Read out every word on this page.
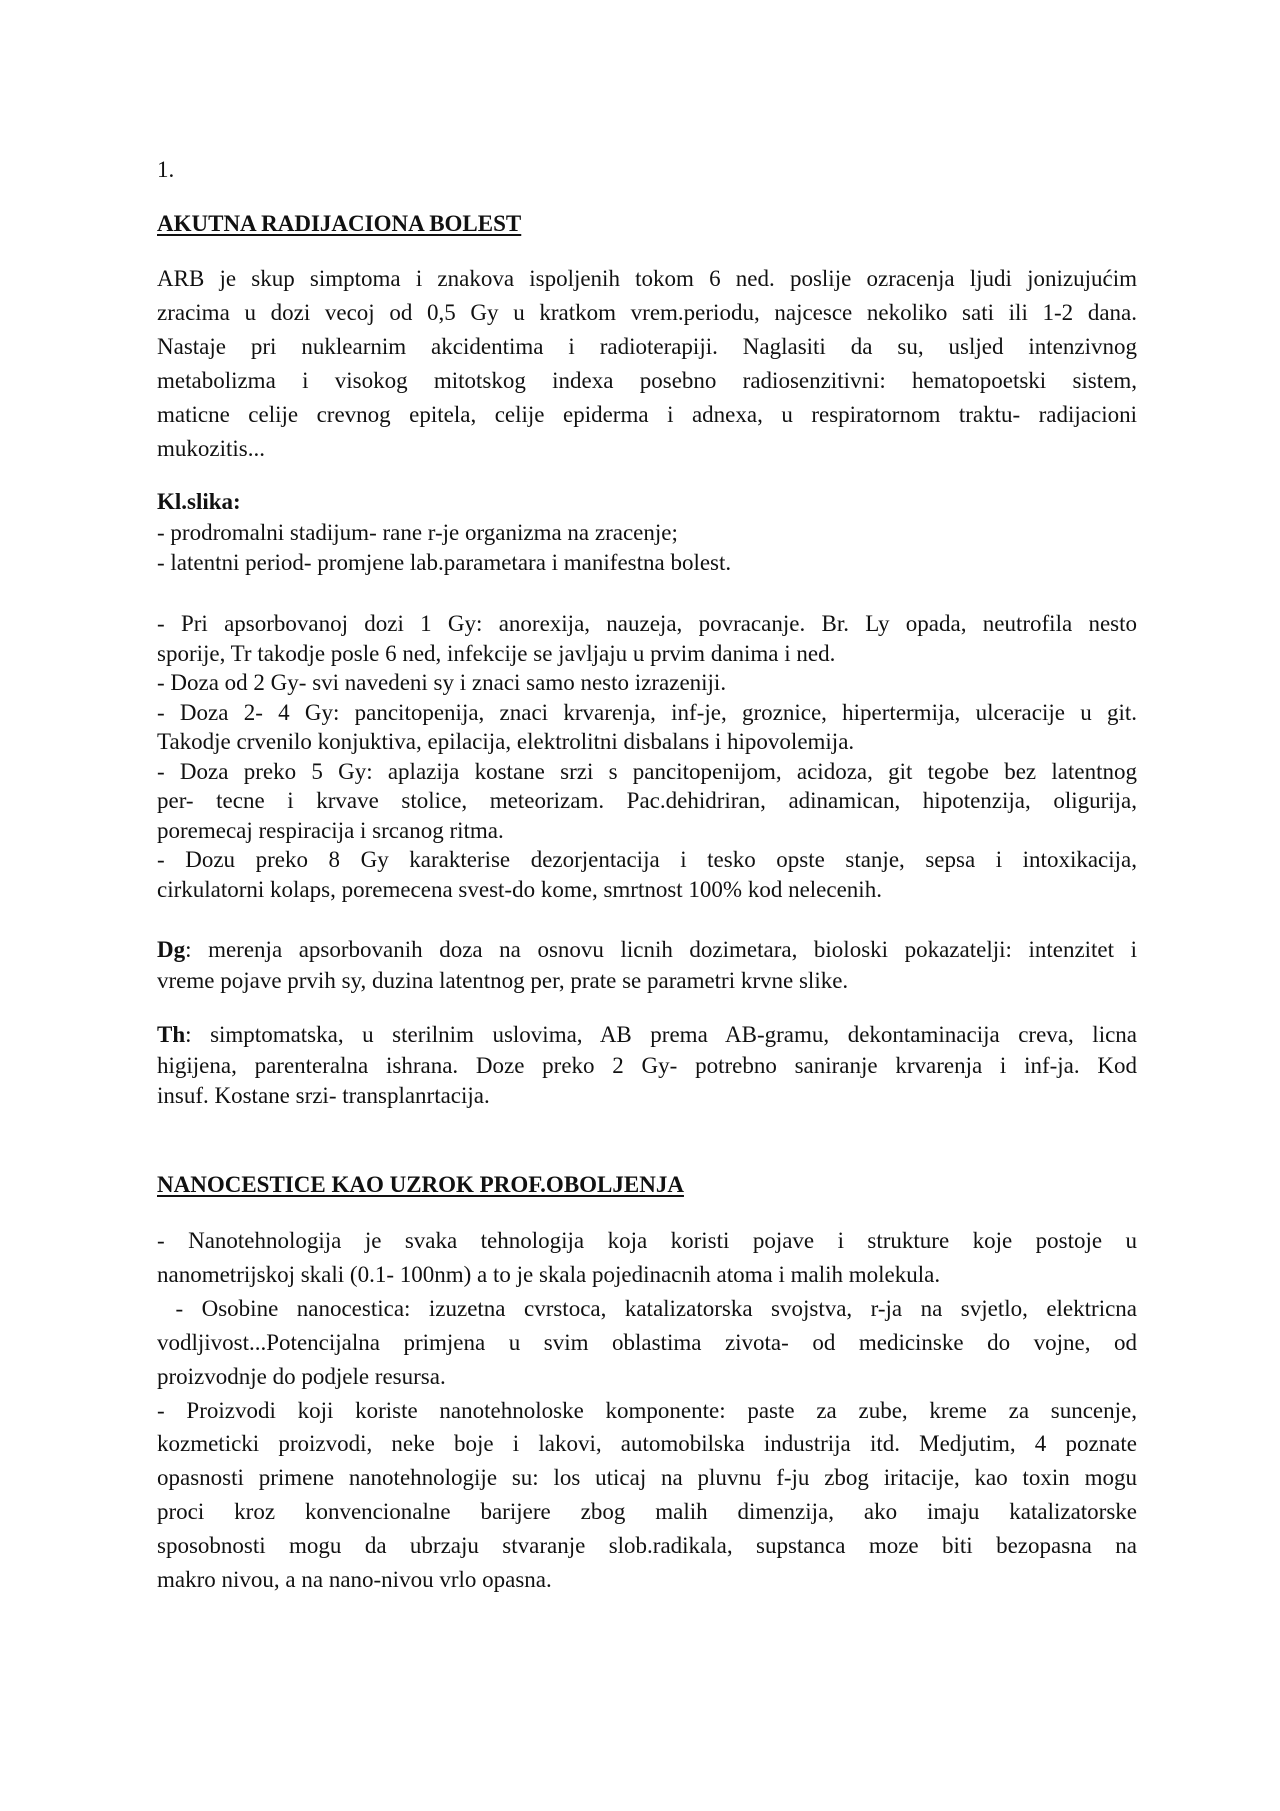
1.
AKUTNA RADIJACIONA BOLEST
ARB je skup simptoma i znakova ispoljenih tokom 6 ned. poslije ozracenja ljudi jonizujućim
zracima u dozi vecoj od 0,5 Gy u kratkom vrem.periodu, najcesce nekoliko sati ili 1-2 dana.
Nastaje pri nuklearnim akcidentima i radioterapiji. Naglasiti da su, usljed intenzivnog
metabolizma i visokog mitotskog indexa posebno radiosenzitivni: hematopoetski sistem,
maticne celije crevnog epitela, celije epiderma i adnexa, u respiratornom traktu- radijacioni
mukozitis...
Kl.slika:
- prodromalni stadijum- rane r-je organizma na zracenje;
- latentni period- promjene lab.parametara i manifestna bolest.
- Pri apsorbovanoj dozi 1 Gy: anorexija, nauzeja, povracanje. Br. Ly opada, neutrofila nesto
sporije, Tr takodje posle 6 ned, infekcije se javljaju u prvim danima i ned.
- Doza od 2 Gy- svi navedeni sy i znaci samo nesto izrazeniji.
- Doza 2- 4 Gy: pancitopenija, znaci krvarenja, inf-je, groznice, hipertermija, ulceracije u git.
Takodje crvenilo konjuktiva, epilacija, elektrolitni disbalans i hipovolemija.
- Doza preko 5 Gy: aplazija kostane srzi s pancitopenijom, acidoza, git tegobe bez latentnog
per- tecne i krvave stolice, meteorizam. Pac.dehidriran, adinamican, hipotenzija, oligurija,
poremecaj respiracija i srcanog ritma.
- Dozu preko 8 Gy karakterise dezorjentacija i tesko opste stanje, sepsa i intoxikacija,
cirkulatorni kolaps, poremecena svest-do kome, smrtnost 100% kod nelecenih.
Dg: merenja apsorbovanih doza na osnovu licnih dozimetara, bioloski pokazatelji: intenzitet i
vreme pojave prvih sy, duzina latentnog per, prate se parametri krvne slike.
Th: simptomatska, u sterilnim uslovima, AB prema AB-gramu, dekontaminacija creva, licna
higijena, parenteralna ishrana. Doze preko 2 Gy- potrebno saniranje krvarenja i inf-ja. Kod
insuf. Kostane srzi- transplanrtacija.
NANOCESTICE KAO UZROK PROF.OBOLJENJA
- Nanotehnologija je svaka tehnologija koja koristi pojave i strukture koje postoje u
nanometrijskoj skali (0.1- 100nm) a to je skala pojedinacnih atoma i malih molekula.
- Osobine nanocestica: izuzetna cvrstoca, katalizatorska svojstva, r-ja na svjetlo, elektricna
vodljivost...Potencijalna primjena u svim oblastima zivota- od medicinske do vojne, od
proizvodnje do podjele resursa.
- Proizvodi koji koriste nanotehnoloske komponente: paste za zube, kreme za suncenje,
kozmeticki proizvodi, neke boje i lakovi, automobilska industrija itd. Medjutim, 4 poznate
opasnosti primene nanotehnologije su: los uticaj na pluvnu f-ju zbog iritacije, kao toxin mogu
proci kroz konvencionalne barijere zbog malih dimenzija, ako imaju katalizatorske
sposobnosti mogu da ubrzaju stvaranje slob.radikala, supstanca moze biti bezopasna na
makro nivou, a na nano-nivou vrlo opasna.
